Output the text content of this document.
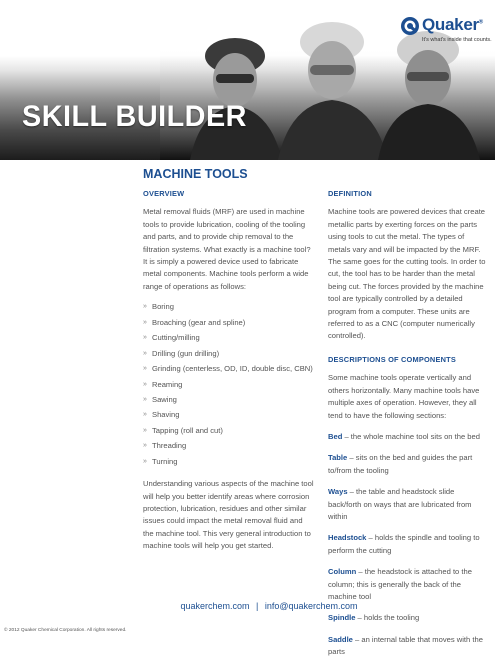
Quaker®
It's what's inside that counts.
SKILL BUILDER
MACHINE TOOLS
OVERVIEW
Metal removal fluids (MRF) are used in machine tools to provide lubrication, cooling of the tooling and parts, and to provide chip removal to the filtration systems. What exactly is a machine tool? It is simply a powered device used to fabricate metal components. Machine tools perform a wide range of operations as follows:
» Boring
» Broaching (gear and spline)
» Cutting/milling
» Drilling (gun drilling)
» Grinding (centerless, OD, ID, double disc, CBN)
» Reaming
» Sawing
» Shaving
» Tapping (roll and cut)
» Threading
» Turning
Understanding various aspects of the machine tool will help you better identify areas where corrosion protection, lubrication, residues and other similar issues could impact the metal removal fluid and the machine tool. This very general introduction to machine tools will help you get started.
DEFINITION
Machine tools are powered devices that create metallic parts by exerting forces on the parts using tools to cut the metal. The types of metals vary and will be impacted by the MRF. The same goes for the cutting tools. In order to cut, the tool has to be harder than the metal being cut. The forces provided by the machine tool are typically controlled by a detailed program from a computer. These units are referred to as a CNC (computer numerically controlled).
DESCRIPTIONS OF COMPONENTS
Some machine tools operate vertically and others horizontally. Many machine tools have multiple axes of operation. However, they all tend to have the following sections:
Bed – the whole machine tool sits on the bed
Table – sits on the bed and guides the part to/from the tooling
Ways – the table and headstock slide back/forth on ways that are lubricated from within
Headstock – holds the spindle and tooling to perform the cutting
Column – the headstock is attached to the column; this is generally the back of the machine tool
Spindle – holds the tooling
Saddle – an internal table that moves with the parts
quakerchem.com | info@quakerchem.com
© 2012 Quaker Chemical Corporation. All rights reserved.
